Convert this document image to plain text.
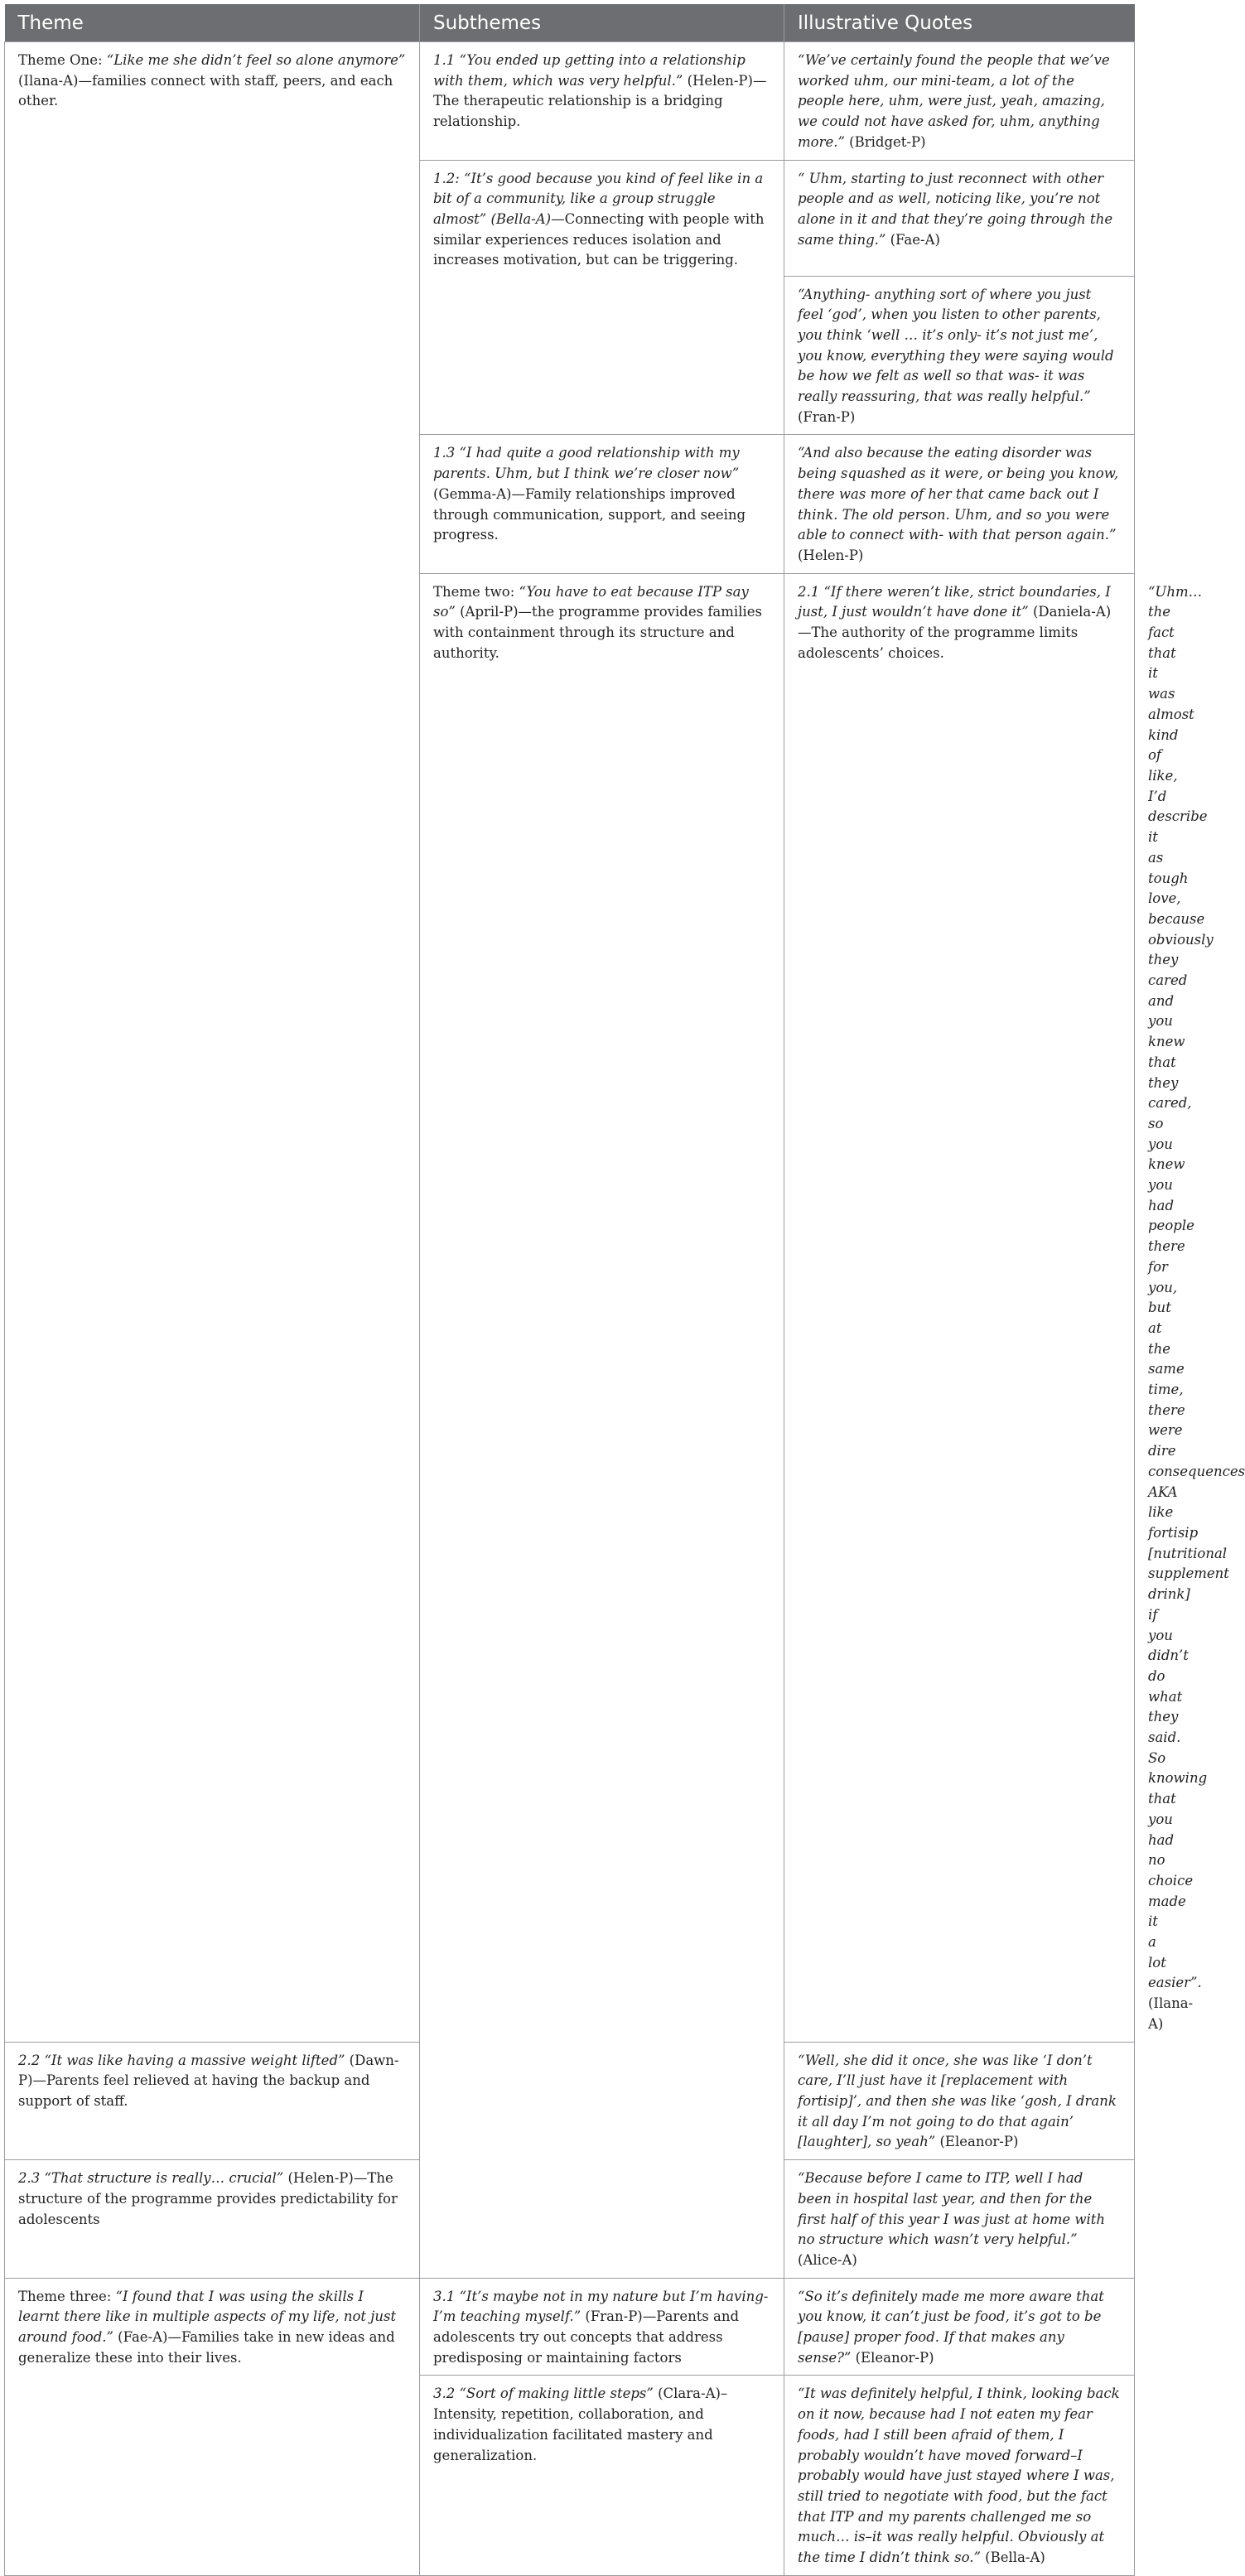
Theme	Subthemes	Illustrative Quotes	
Theme One: “Like me she didn’t feel so alone anymore” (Ilana-A)—families connect with staff, peers, and each other.	1.1 “You ended up getting into a relationship with them, which was very helpful.” (Helen-P)—The therapeutic relationship is a bridging relationship.	“We’ve certainly found the people that we’ve worked uhm, our mini-team, a lot of the people here, uhm, were just, yeah, amazing, we could not have asked for, uhm, anything more.” (Bridget-P)	
	1.2: “It’s good because you kind of feel like in a bit of a community, like a group struggle almost” (Bella-A)—Connecting with people with similar experiences reduces isolation and increases motivation, but can be triggering.	“ Uhm, starting to just reconnect with other people and as well, noticing like, you’re not alone in it and that they’re going through the same thing.” (Fae-A)	
		“Anything- anything sort of where you just feel ‘god’, when you listen to other parents, you think ‘well … it’s only- it’s not just me’, you know, everything they were saying would be how we felt as well so that was- it was really reassuring, that was really helpful.” (Fran-P)	
	1.3 “I had quite a good relationship with my parents. Uhm, but I think we’re closer now” (Gemma-A)—Family relationships improved through communication, support, and seeing progress.	“And also because the eating disorder was being squashed as it were, or being you know, there was more of her that came back out I think. The old person. Uhm, and so you were able to connect with- with that person again.” (Helen-P)	
	Theme two: “You have to eat because ITP say so” (April-P)—the programme provides families with containment through its structure and authority.	2.1 “If there weren’t like, strict boundaries, I just, I just wouldn’t have done it” (Daniela-A)—The authority of the programme limits adolescents’ choices.	“Uhm…the fact that it was almost kind of like, I’d describe it as tough love, because obviously they cared and you knew that they cared, so you knew you had people there for you, but at the same time, there were dire consequences AKA like fortisip [nutritional supplement drink] if you didn’t do what they said. So knowing that you had no choice made it a lot easier”. (Ilana-A)
2.2 “It was like having a massive weight lifted” (Dawn-P)—Parents feel relieved at having the backup and support of staff.		“Well, she did it once, she was like ‘I don’t care, I’ll just have it [replacement with fortisip]’, and then she was like ‘gosh, I drank it all day I’m not going to do that again’ [laughter], so yeah” (Eleanor-P)	
2.3 “That structure is really… crucial” (Helen-P)—The structure of the programme provides predictability for adolescents		“Because before I came to ITP, well I had been in hospital last year, and then for the first half of this year I was just at home with no structure which wasn’t very helpful.” (Alice-A)	
Theme three: “I found that I was using the skills I learnt there like in multiple aspects of my life, not just around food.” (Fae-A)—Families take in new ideas and generalize these into their lives.	3.1 “It’s maybe not in my nature but I’m having- I’m teaching myself.” (Fran-P)—Parents and adolescents try out concepts that address predisposing or maintaining factors	“So it’s definitely made me more aware that you know, it can’t just be food, it’s got to be [pause] proper food. If that makes any sense?” (Eleanor-P)	
	3.2 “Sort of making little steps” (Clara-A)–Intensity, repetition, collaboration, and individualization facilitated mastery and generalization.	“It was definitely helpful, I think, looking back on it now, because had I not eaten my fear foods, had I still been afraid of them, I probably wouldn’t have moved forward–I probably would have just stayed where I was, still tried to negotiate with food, but the fact that ITP and my parents challenged me so much… is–it was really helpful. Obviously at the time I didn’t think so.” (Bella-A)	
